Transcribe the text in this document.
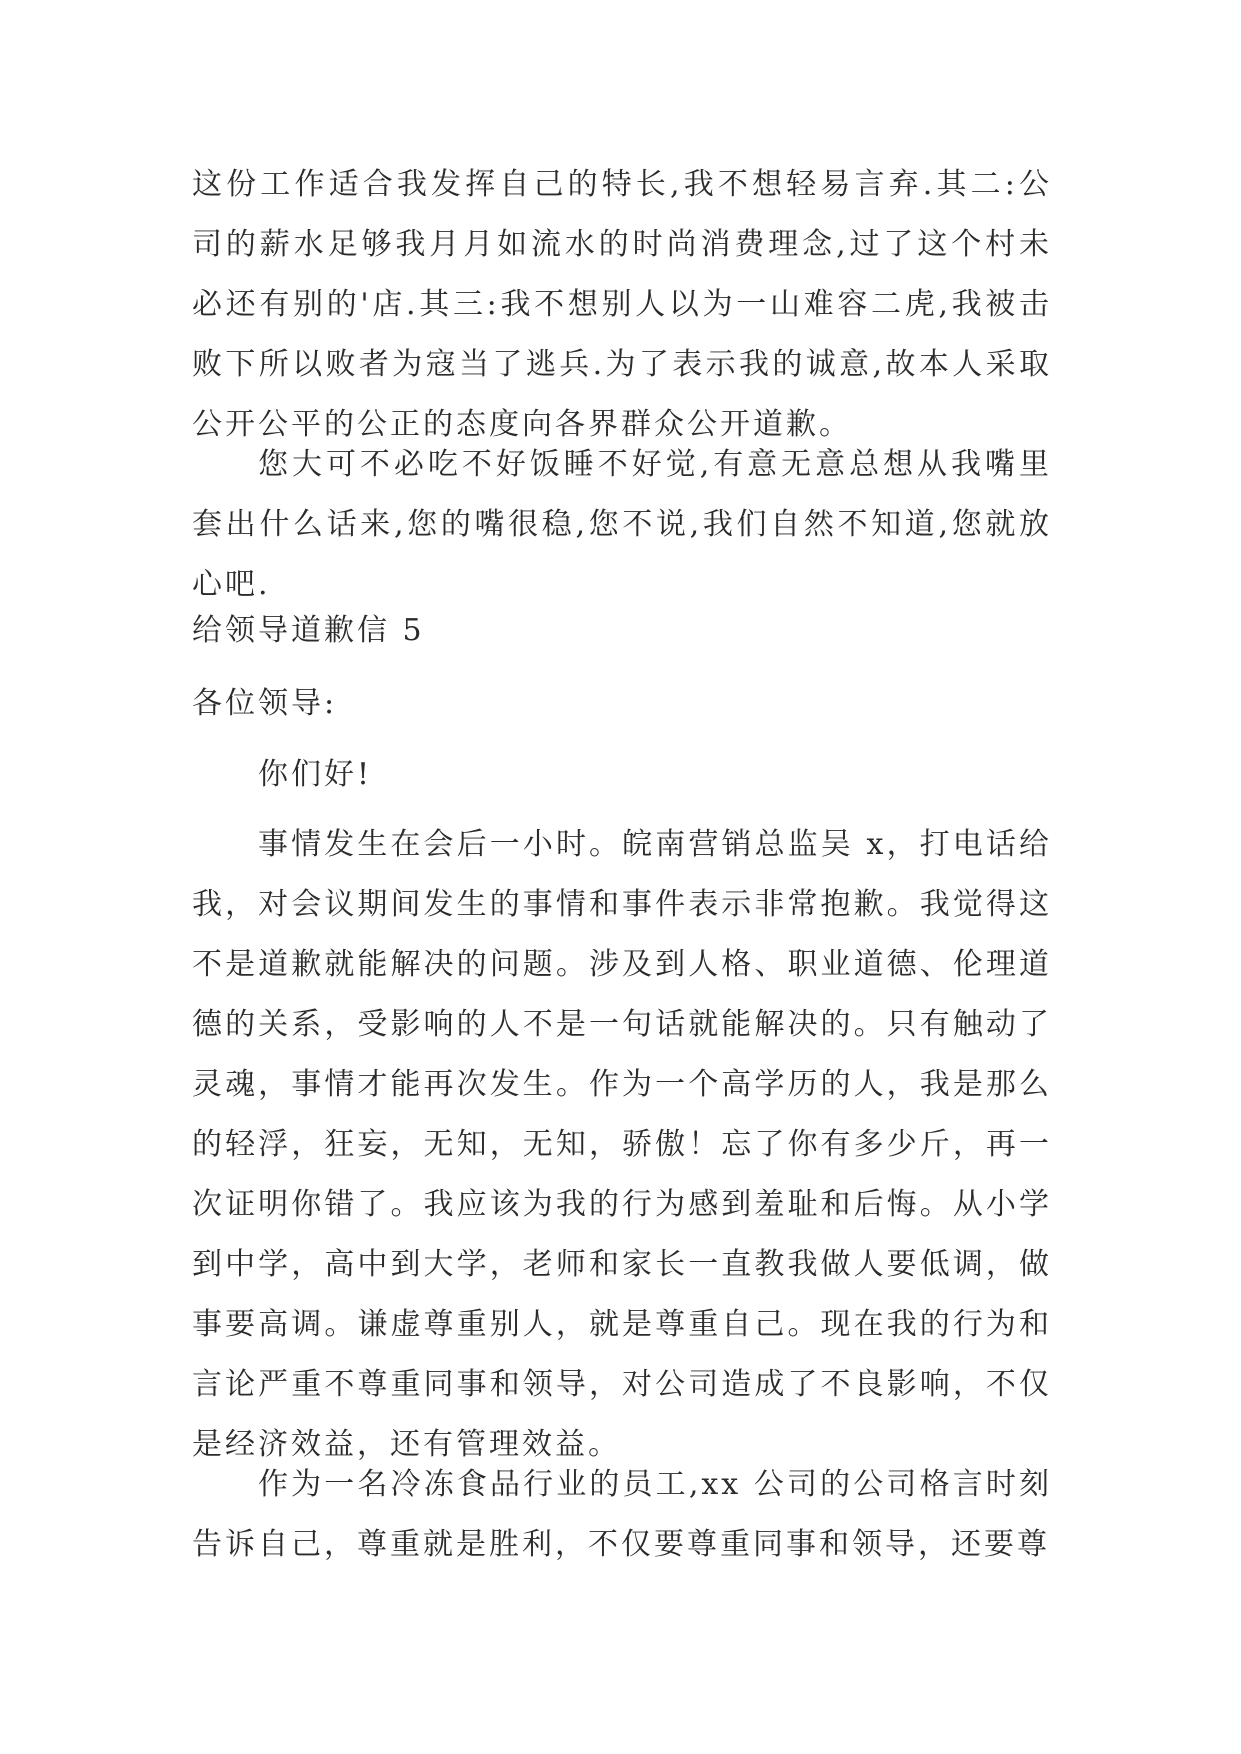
这份工作适合我发挥自己的特长,我不想轻易言弃.其二:公司的薪水足够我月月如流水的时尚消费理念,过了这个村未必还有别的'店.其三:我不想别人以为一山难容二虎,我被击败下所以败者为寇当了逃兵.为了表示我的诚意,故本人采取公开公平的公正的态度向各界群众公开道歉。
您大可不必吃不好饭睡不好觉,有意无意总想从我嘴里套出什么话来,您的嘴很稳,您不说,我们自然不知道,您就放心吧.
给领导道歉信 5
各位领导:
你们好!
事情发生在会后一小时。皖南营销总监吴 x，打电话给我，对会议期间发生的事情和事件表示非常抱歉。我觉得这不是道歉就能解决的问题。涉及到人格、职业道德、伦理道德的关系，受影响的人不是一句话就能解决的。只有触动了灵魂，事情才能再次发生。作为一个高学历的人，我是那么的轻浮，狂妄，无知，无知，骄傲！忘了你有多少斤，再一次证明你错了。我应该为我的行为感到羞耻和后悔。从小学到中学，高中到大学，老师和家长一直教我做人要低调，做事要高调。谦虚尊重别人，就是尊重自己。现在我的行为和言论严重不尊重同事和领导，对公司造成了不良影响，不仅是经济效益，还有管理效益。
作为一名冷冻食品行业的员工,xx 公司的公司格言时刻告诉自己，尊重就是胜利，不仅要尊重同事和领导，还要尊
